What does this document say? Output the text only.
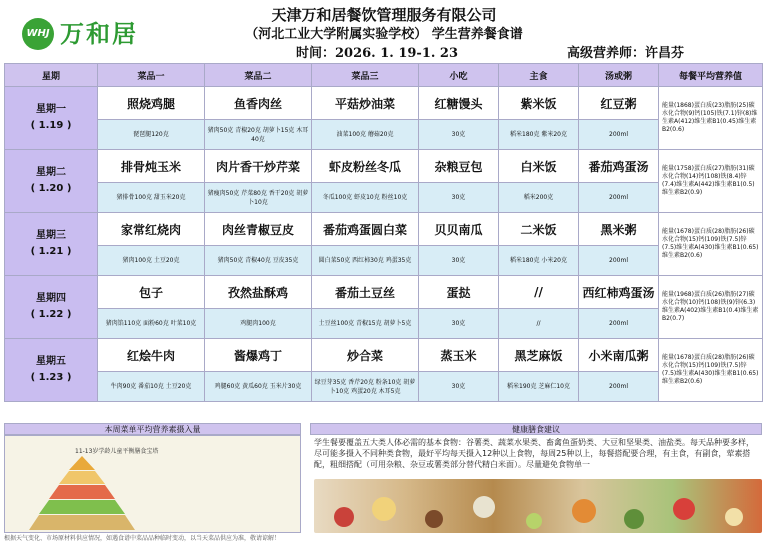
WHJ 万和居
天津万和居餐饮管理服务有限公司
（河北工业大学附属实验学校） 学生营养餐食谱
时间：2026. 1. 19-1. 23	高级营养师：许昌芬
星期	菜品一	菜品二	菜品三	小吃	主食	汤或粥	每餐平均营养值

星期一
( 1.19 )	照烧鸡腿	鱼香肉丝	平菇炒油菜	红糖馒头	紫米饭	红豆粥	能量(1868)蛋白质(23)脂肪(25)碳水化合物(9)钙(105)铁(7.1)锌(8)维生素A(412)维生素B1(0.45)维生素B2(0.6)
	琵琶腿120克	猪肉50克 青椒20克 胡萝卜15克 木耳40克	油菜100克 蘑菇20克	30克	稻米180克 紫米20克	200ml	

星期二
( 1.20 )	排骨炖玉米	肉片香干炒芹菜	虾皮粉丝冬瓜	杂粮豆包	白米饭	番茄鸡蛋汤	能量(1758)蛋白质(27)脂肪(31)碳水化合物(14)钙(108)铁(8.4)锌(7.4)维生素A(442)维生素B1(0.5)维生素B2(0.9)
	猪排骨100克 甜玉米20克	猪瘦肉50克 芹菜80克 香干20克 胡萝卜10克	冬瓜100克 虾皮10克 粉丝10克	30克	稻米200克	200ml	

星期三
( 1.21 )	家常红烧肉	肉丝青椒豆皮	番茄鸡蛋圆白菜	贝贝南瓜	二米饭	黑米粥	能量(1678)蛋白质(28)脂肪(26)碳水化合物(15)钙(109)铁(7.5)锌(7.5)维生素A(430)维生素B1(0.65)维生素B2(0.6)
	猪肉100克 土豆20克	猪肉50克 青椒40克 豆皮35克	圆白菜50克 西红柿30克 鸡蛋35克	30克	稻米180克 小米20克	200ml	

星期四
( 1.22 )	包子	孜然盐酥鸡	番茄土豆丝	蛋挞	//	西红柿鸡蛋汤	能量(1968)蛋白质(26)脂肪(27)碳水化合物(10)钙(108)铁(9)锌(6.3)维生素A(402)维生素B1(0.4)维生素B2(0.7)
	猪肉馅110克 面粉60克 叶菜10克	鸡腿肉100克	土豆丝100克 青椒15克 胡萝卜5克	30克	//	200ml	

星期五
( 1.23 )	红烩牛肉	酱爆鸡丁	炒合菜	蒸玉米	黑芝麻饭	小米南瓜粥	能量(1678)蛋白质(28)脂肪(26)碳水化合物(15)钙(109)铁(7.5)锌(7.5)维生素A(430)维生素B1(0.65)维生素B2(0.6)
	牛肉90克 番茄10克 土豆20克	鸡腿60克 黄瓜60克 玉米片30克	绿豆芽35克 香芹20克 粉条10克 胡萝卜10克 鸡蛋20克 木耳5克	30克	稻米190克 芝麻仁10克	200ml	
本周菜单平均营养素摄入量
11-13岁学龄儿童平衡膳食宝塔
健康膳食建议
学生餐要覆盖五大类人体必需的基本食物：谷薯类、蔬菜水果类、畜禽鱼蛋奶类、大豆和坚果类、油盐类。每天品种要多样，尽可能多摄入不同种类食物，最好平均每天摄入12种以上食物，每周25种以上，每餐搭配要合理，有主食，有副食，荤素搭配，粗细搭配（可用杂粮、杂豆或薯类部分替代精白米面）。尽量避免食物单一
根据天气变化、市场原材料供应情况，如遇食谱中菜品品种临时变动，以当天菜品供应为准，敬请谅解！
